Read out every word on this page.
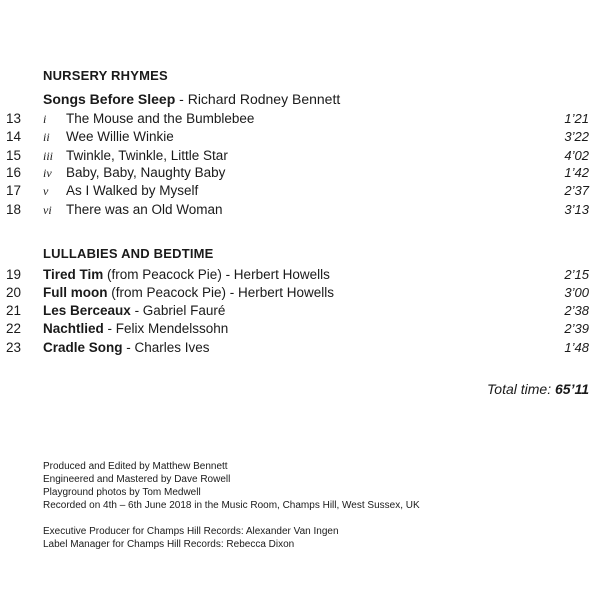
NURSERY RHYMES
Songs Before Sleep - Richard Rodney Bennett
13 i	The Mouse and the Bumblebee	1’21
14 ii	Wee Willie Winkie	3’22
15 iii Twinkle, Twinkle, Little Star	4’02
16 iv	Baby, Baby, Naughty Baby	1’42
17 v	As I Walked by Myself	2’37
18 vi	There was an Old Woman	3’13
LULLABIES AND BEDTIME
19 Tired Tim (from Peacock Pie) - Herbert Howells	2’15
20 Full moon (from Peacock Pie) - Herbert Howells	3’00
21 Les Berceaux - Gabriel Fauré	2’38
22 Nachtlied - Felix Mendelssohn	2’39
23 Cradle Song - Charles Ives	1’48
Total time: 65’11
Produced and Edited by Matthew Bennett
Engineered and Mastered by Dave Rowell
Playground photos by Tom Medwell
Recorded on 4th – 6th June 2018 in the Music Room, Champs Hill, West Sussex, UK
Executive Producer for Champs Hill Records: Alexander Van Ingen
Label Manager for Champs Hill Records: Rebecca Dixon
